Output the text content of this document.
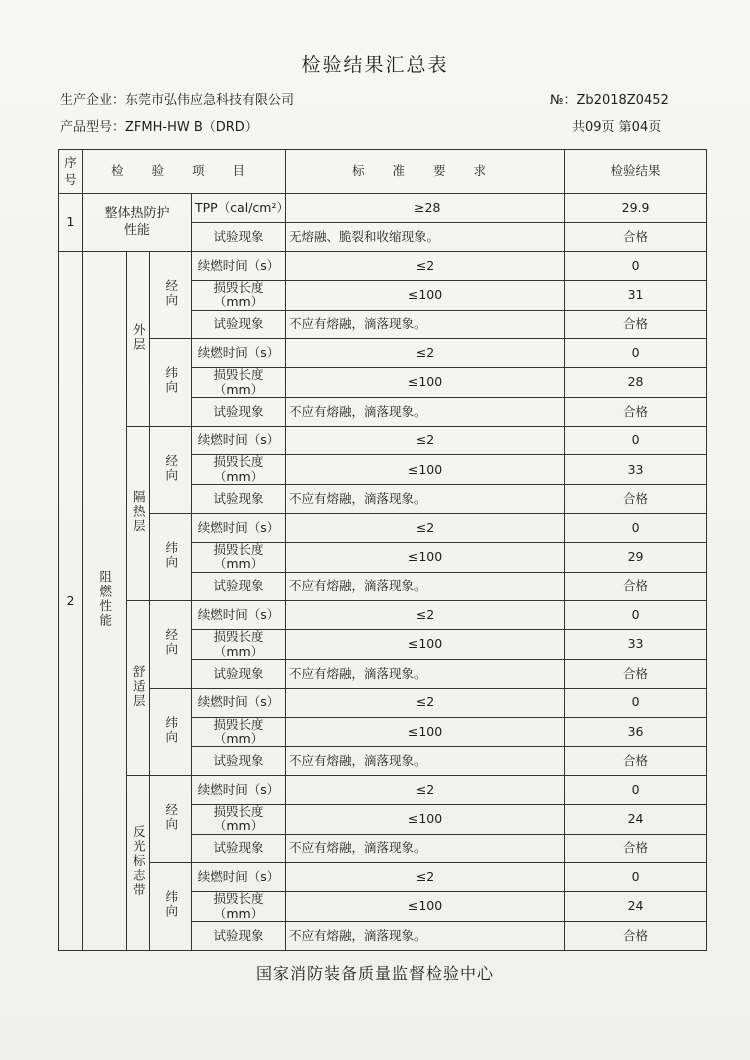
检验结果汇总表
生产企业：东莞市弘伟应急科技有限公司	№：Zb2018Z0452
产品型号：ZFMH-HW B（DRD）	共09页 第04页
序号	检 验 项 目				标 准 要 求	检验结果
1	整体热防护性能			TPP（cal/cm²）	≥28	29.9
				试验现象	无熔融、脆裂和收缩现象。	合格
2	阻燃性能	外层	经向	续燃时间（s）	≤2	0
				损毁长度（mm）	≤100	31
				试验现象	不应有熔融，滴落现象。	合格
			纬向	续燃时间（s）	≤2	0
				损毁长度（mm）	≤100	28
				试验现象	不应有熔融，滴落现象。	合格
		隔热层	经向	续燃时间（s）	≤2	0
				损毁长度（mm）	≤100	33
				试验现象	不应有熔融，滴落现象。	合格
			纬向	续燃时间（s）	≤2	0
				损毁长度（mm）	≤100	29
				试验现象	不应有熔融，滴落现象。	合格
		舒适层	经向	续燃时间（s）	≤2	0
				损毁长度（mm）	≤100	33
				试验现象	不应有熔融，滴落现象。	合格
			纬向	续燃时间（s）	≤2	0
				损毁长度（mm）	≤100	36
				试验现象	不应有熔融，滴落现象。	合格
		反光标志带	经向	续燃时间（s）	≤2	0
				损毁长度（mm）	≤100	24
				试验现象	不应有熔融，滴落现象。	合格
			纬向	续燃时间（s）	≤2	0
				损毁长度（mm）	≤100	24
				试验现象	不应有熔融，滴落现象。	合格
国家消防装备质量监督检验中心
